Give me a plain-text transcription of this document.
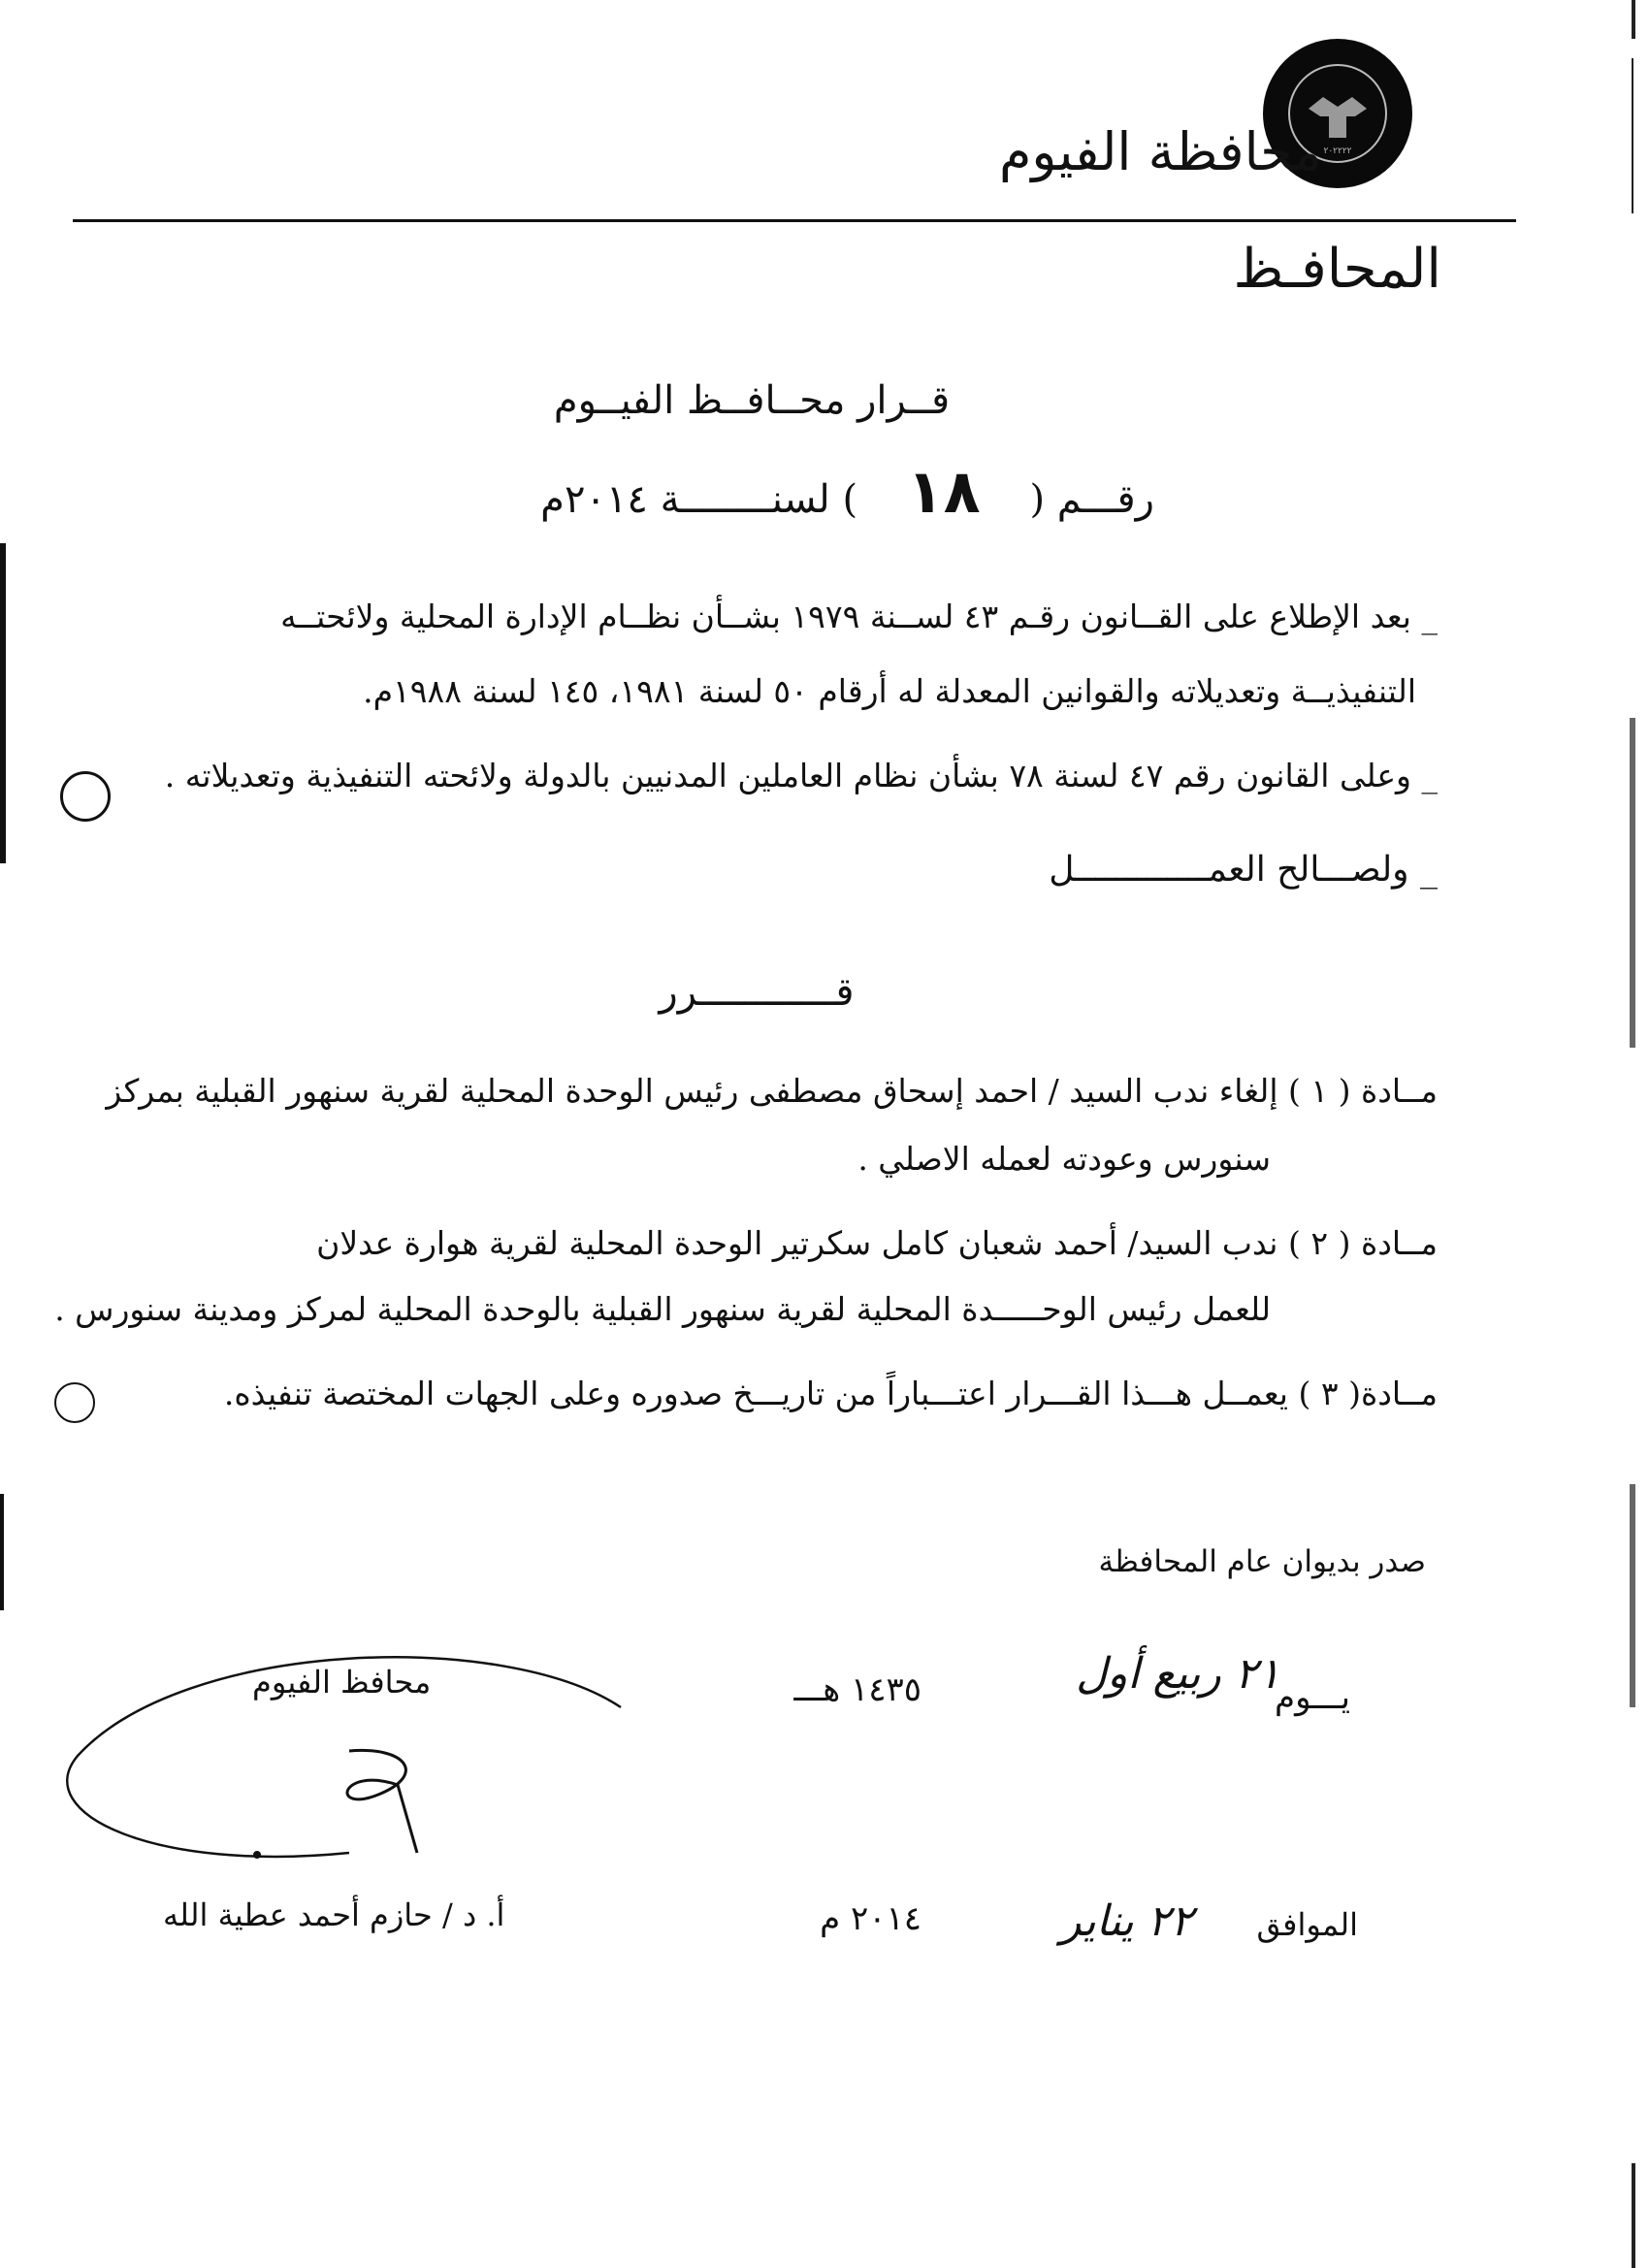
٢٠٢٢٢٢
محافظة الفيوم
المحافـظ
قــرار محــافــظ الفيــوم
رقـــم (    ١٨    ) لسنــــــــة ٢٠١٤م
_ بعد الإطلاع على القــانون رقـم ٤٣ لســنة ١٩٧٩ بشــأن نظــام الإدارة المحلية ولائحتــه
التنفيذيــة وتعديلاته والقوانين المعدلة له أرقام ٥٠ لسنة ١٩٨١، ١٤٥ لسنة ١٩٨٨م.
_ وعلى القانون رقم ٤٧ لسنة ٧٨ بشأن نظام العاملين المدنيين بالدولة ولائحته التنفيذية وتعديلاته .
_ ولصـــالح العمـــــــــــــل
قــــــــــــرر
مــادة ( ١ ) إلغاء ندب السيد / احمد إسحاق مصطفى رئيس الوحدة المحلية لقرية سنهور القبلية بمركز
سنورس وعودته لعمله الاصلي .
مــادة ( ٢ ) ندب السيد/ أحمد شعبان كامل سكرتير الوحدة المحلية لقرية هوارة عدلان
للعمل رئيس الوحـــــدة المحلية لقرية سنهور القبلية بالوحدة المحلية لمركز ومدينة سنورس .
مــادة( ٣ ) يعمــل هـــذا القـــرار اعتـــباراً من تاريـــخ صدوره وعلى الجهات المختصة تنفيذه.
صدر بديوان عام المحافظة
محافظ الفيوم
أ. د / حازم أحمد عطية الله
يـــوم
٢١ ربيع أول
١٤٣٥ هـــ
الموافق
٢٢ يناير
٢٠١٤ م
